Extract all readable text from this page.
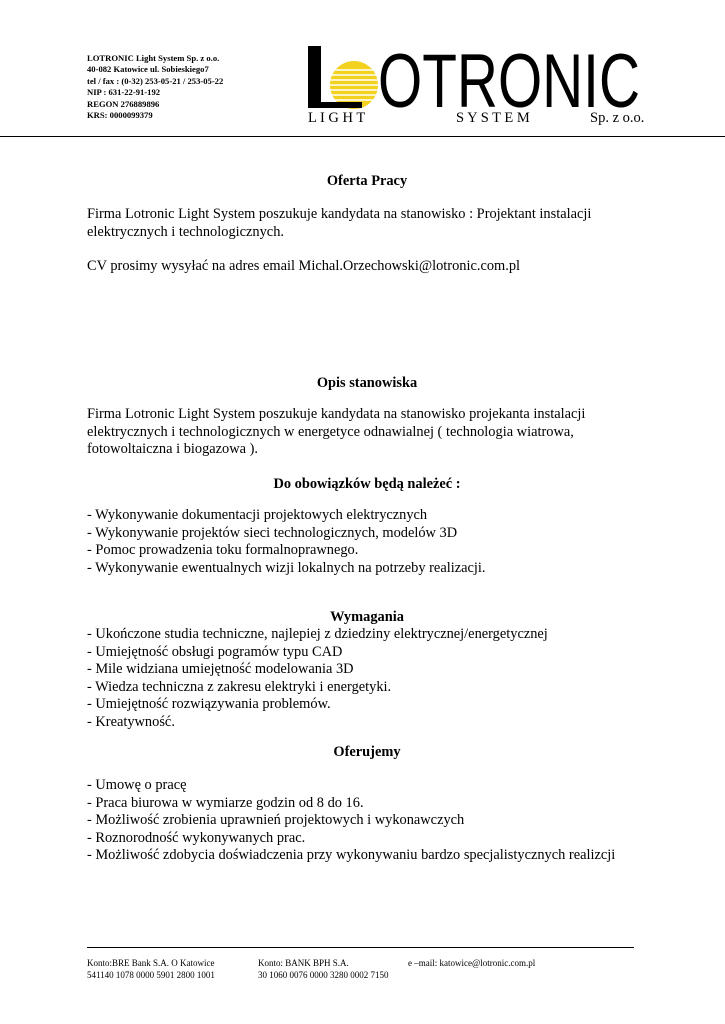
LOTRONIC Light System Sp. z o.o.
40-082 Katowice ul. Sobieskiego7
tel / fax : (0-32) 253-05-21 / 253-05-22
NIP : 631-22-91-192
REGON 276889896
KRS: 0000099379	OTRONIC
L I G H T	S Y S T E M	Sp. z o.o.
Oferta Pracy
Firma Lotronic Light System poszukuje kandydata na stanowisko : Projektant instalacji elektrycznych i technologicznych.
CV prosimy wysyłać na adres email Michal.Orzechowski@lotronic.com.pl
Opis stanowiska
Firma Lotronic Light System poszukuje kandydata na stanowisko projekanta instalacji elektrycznych i technologicznych w energetyce odnawialnej ( technologia wiatrowa, fotowoltaiczna i biogazowa ).
Do obowiązków będą należeć :
- Wykonywanie dokumentacji projektowych elektrycznych
- Wykonywanie projektów sieci technologicznych, modelów 3D
- Pomoc prowadzenia toku formalnoprawnego.
- Wykonywanie ewentualnych wizji lokalnych na potrzeby realizacji.
Wymagania
- Ukończone studia techniczne, najlepiej z dziedziny elektrycznej/energetycznej
- Umiejętność obsługi pogramów typu CAD
- Mile widziana umiejętność modelowania 3D
- Wiedza techniczna z zakresu elektryki i energetyki.
- Umiejętność rozwiązywania problemów.
- Kreatywność.
Oferujemy
- Umowę o pracę
- Praca biurowa w wymiarze godzin od 8 do 16.
- Możliwość zrobienia uprawnień projektowych i wykonawczych
- Roznorodność wykonywanych prac.
- Możliwość zdobycia doświadczenia przy wykonywaniu bardzo specjalistycznych realizcji
Konto:BRE Bank S.A. O Katowice
541140 1078 0000 5901 2800 1001
Konto: BANK BPH S.A.
30 1060 0076 0000 3280 0002 7150
e –mail: katowice@lotronic.com.pl
